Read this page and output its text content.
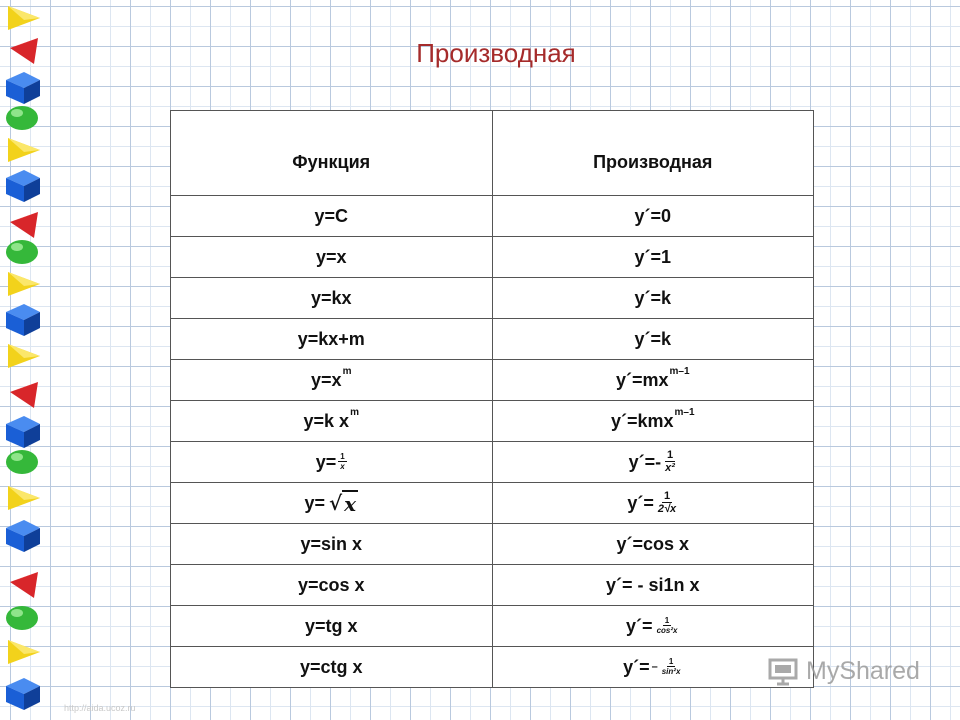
Производная
Функция	Производная
y=C	y´=0
y=x	y´=1
y=kx	y´=k
y=kx+m	y´=k

y=x m	y´=mx m–1

y=k x m	y´=kmx m–1

$y= \frac{1}{x}$	y´=- $\frac{1}{\text{x²}}$

y= √ x	y´= $\frac{1}{2√x}$

y=sin x	y´=cos x
y=cos x	y´= - si1n x
y=tg x	y´= $\frac{1}{\text{cos²x}}$

y=ctg x	y´= – $\frac{1}{\text{sin²x}}$	MyShared
http://aida.ucoz.ru
